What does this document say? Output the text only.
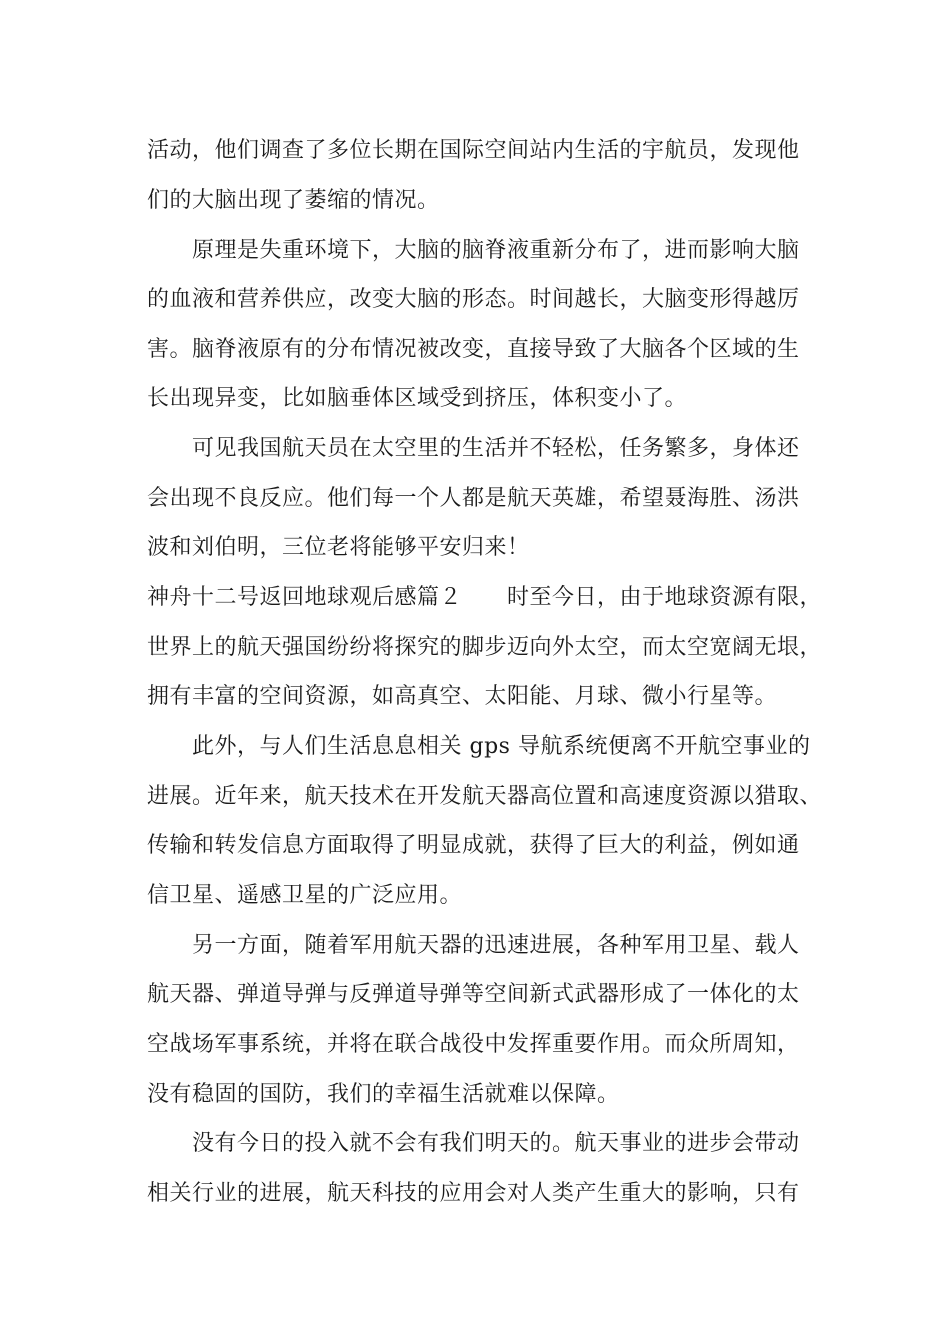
活动，他们调查了多位长期在国际空间站内生活的宇航员，发现他
们的大脑出现了萎缩的情况。
原理是失重环境下，大脑的脑脊液重新分布了，进而影响大脑
的血液和营养供应，改变大脑的形态。时间越长，大脑变形得越厉
害。脑脊液原有的分布情况被改变，直接导致了大脑各个区域的生
长出现异变，比如脑垂体区域受到挤压，体积变小了。
可见我国航天员在太空里的生活并不轻松，任务繁多，身体还
会出现不良反应。他们每一个人都是航天英雄，希望聂海胜、汤洪
波和刘伯明，三位老将能够平安归来！
神舟十二号返回地球观后感篇２　　时至今日，由于地球资源有限，
世界上的航天强国纷纷将探究的脚步迈向外太空，而太空宽阔无垠，
拥有丰富的空间资源，如高真空、太阳能、月球、微小行星等。
此外，与人们生活息息相关 gps 导航系统便离不开航空事业的
进展。近年来，航天技术在开发航天器高位置和高速度资源以猎取、
传输和转发信息方面取得了明显成就，获得了巨大的利益，例如通
信卫星、遥感卫星的广泛应用。
另一方面，随着军用航天器的迅速进展，各种军用卫星、载人
航天器、弹道导弹与反弹道导弹等空间新式武器形成了一体化的太
空战场军事系统，并将在联合战役中发挥重要作用。而众所周知，
没有稳固的国防，我们的幸福生活就难以保障。
没有今日的投入就不会有我们明天的。航天事业的进步会带动
相关行业的进展，航天科技的应用会对人类产生重大的影响，只有
